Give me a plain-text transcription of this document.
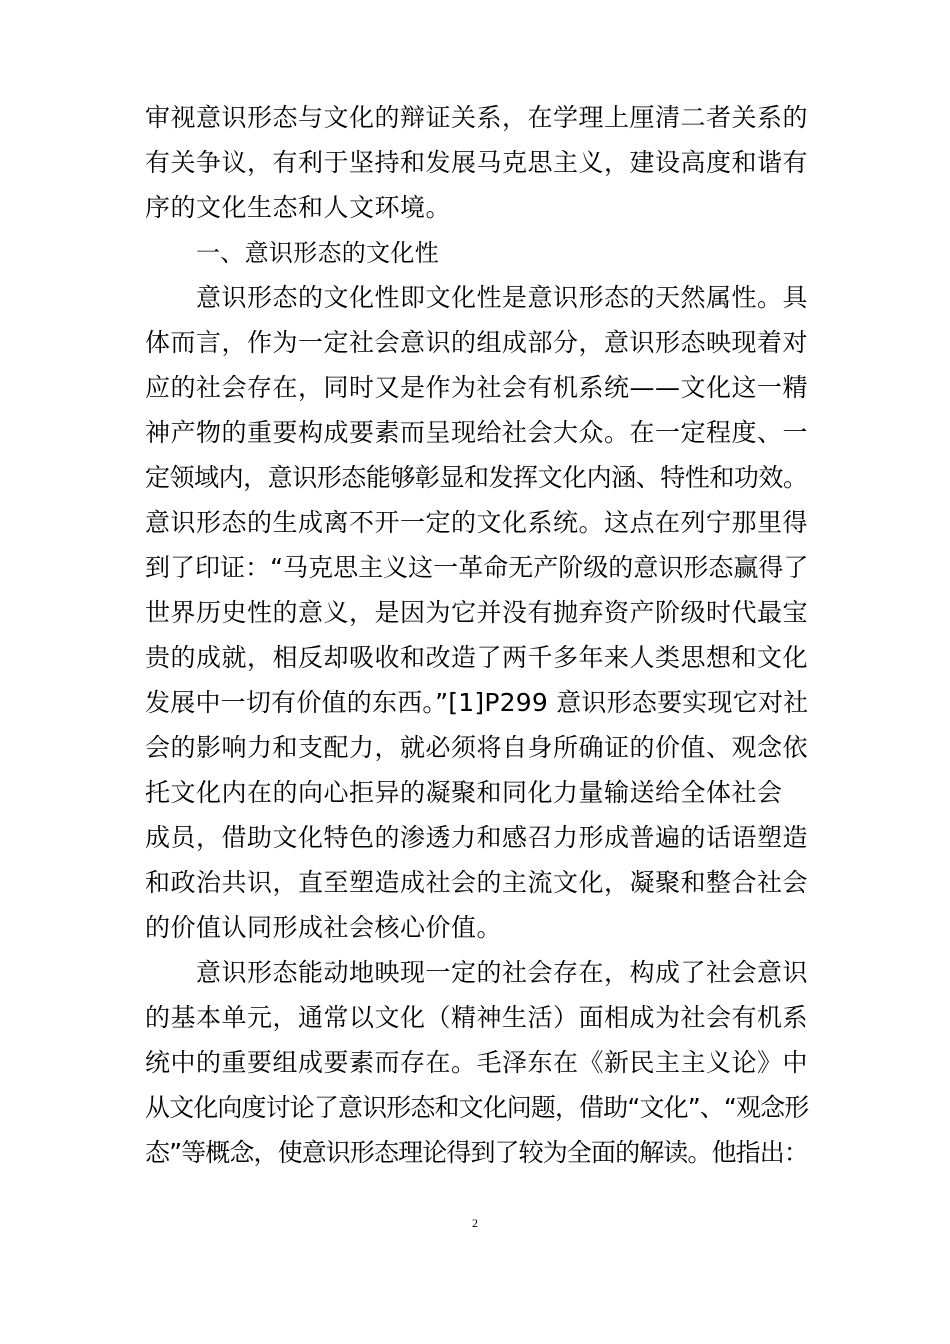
审视意识形态与文化的辩证关系，在学理上厘清二者关系的
有关争议，有利于坚持和发展马克思主义，建设高度和谐有
序的文化生态和人文环境。
一、意识形态的文化性
意识形态的文化性即文化性是意识形态的天然属性。具
体而言，作为一定社会意识的组成部分，意识形态映现着对
应的社会存在，同时又是作为社会有机系统——文化这一精
神产物的重要构成要素而呈现给社会大众。在一定程度、一
定领域内，意识形态能够彰显和发挥文化内涵、特性和功效。
意识形态的生成离不开一定的文化系统。这点在列宁那里得
到了印证：“马克思主义这一革命无产阶级的意识形态赢得了
世界历史性的意义，是因为它并没有抛弃资产阶级时代最宝
贵的成就，相反却吸收和改造了两千多年来人类思想和文化
发展中一切有价值的东西。”[1]P299 意识形态要实现它对社
会的影响力和支配力，就必须将自身所确证的价值、观念依
托文化内在的向心拒异的凝聚和同化力量输送给全体社会
成员，借助文化特色的渗透力和感召力形成普遍的话语塑造
和政治共识，直至塑造成社会的主流文化，凝聚和整合社会
的价值认同形成社会核心价值。
意识形态能动地映现一定的社会存在，构成了社会意识
的基本单元，通常以文化（精神生活）面相成为社会有机系
统中的重要组成要素而存在。毛泽东在《新民主主义论》中
从文化向度讨论了意识形态和文化问题，借助“文化”、“观念形
态”等概念，使意识形态理论得到了较为全面的解读。他指出：
2
